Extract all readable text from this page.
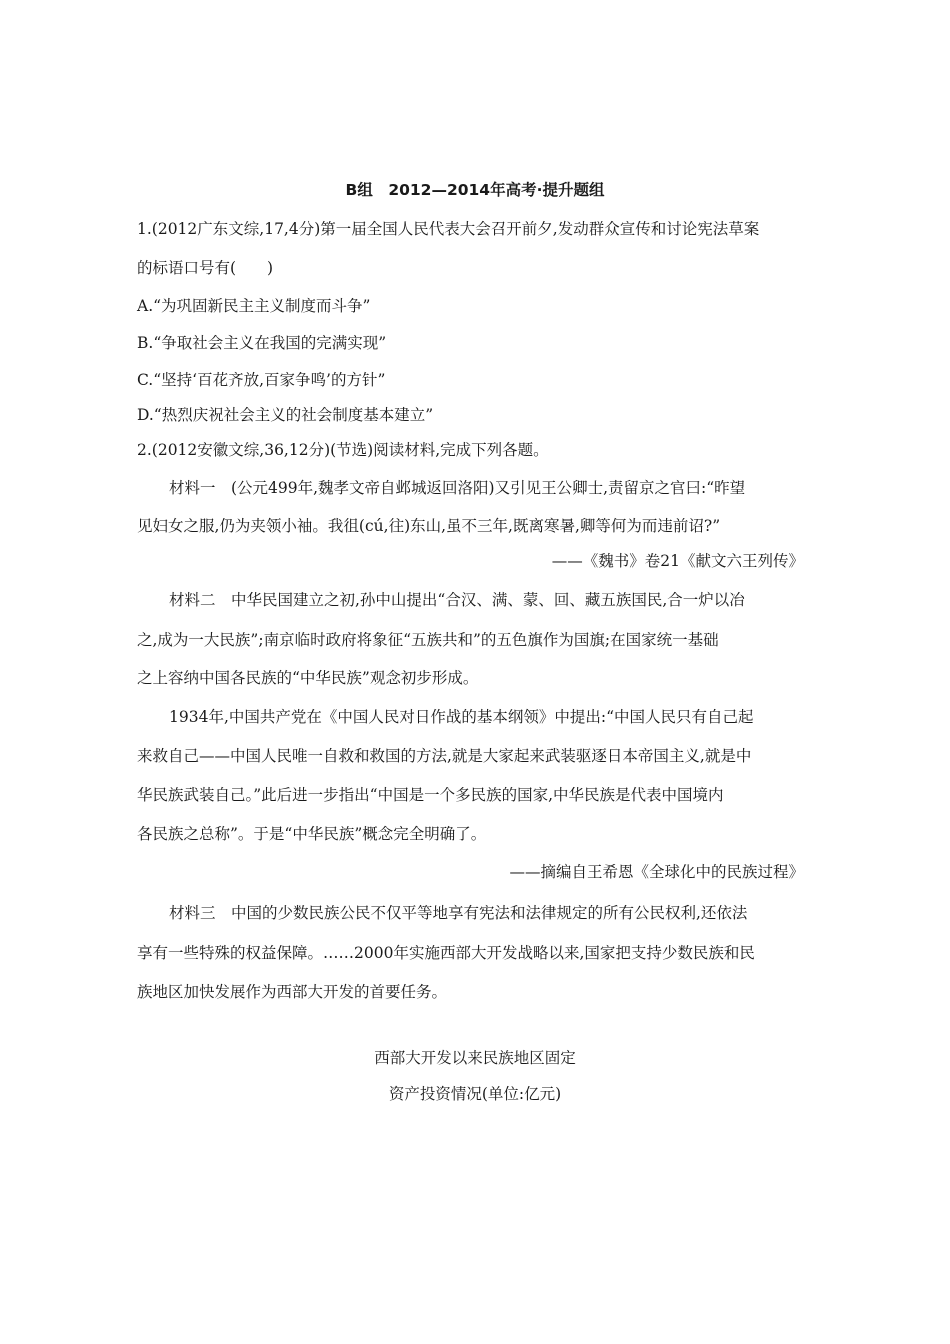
B组　2012—2014年高考·提升题组
1.(2012广东文综,17,4分)第一届全国人民代表大会召开前夕,发动群众宣传和讨论宪法草案
的标语口号有(　　)
A.“为巩固新民主主义制度而斗争”
B.“争取社会主义在我国的完满实现”
C.“坚持‘百花齐放,百家争鸣’的方针”
D.“热烈庆祝社会主义的社会制度基本建立”
2.(2012安徽文综,36,12分)(节选)阅读材料,完成下列各题。
材料一　(公元499年,魏孝文帝自邺城返回洛阳)又引见王公卿士,责留京之官曰:“昨望
见妇女之服,仍为夹领小袖。我徂(cú,往)东山,虽不三年,既离寒暑,卿等何为而违前诏?”
——《魏书》卷21《献文六王列传》
材料二　中华民国建立之初,孙中山提出“合汉、满、蒙、回、藏五族国民,合一炉以冶
之,成为一大民族”;南京临时政府将象征“五族共和”的五色旗作为国旗;在国家统一基础
之上容纳中国各民族的“中华民族”观念初步形成。
1934年,中国共产党在《中国人民对日作战的基本纲领》中提出:“中国人民只有自己起
来救自己——中国人民唯一自救和救国的方法,就是大家起来武装驱逐日本帝国主义,就是中
华民族武装自己。”此后进一步指出“中国是一个多民族的国家,中华民族是代表中国境内
各民族之总称”。于是“中华民族”概念完全明确了。
——摘编自王希恩《全球化中的民族过程》
材料三　中国的少数民族公民不仅平等地享有宪法和法律规定的所有公民权利,还依法
享有一些特殊的权益保障。……2000年实施西部大开发战略以来,国家把支持少数民族和民
族地区加快发展作为西部大开发的首要任务。
西部大开发以来民族地区固定
资产投资情况(单位:亿元)
